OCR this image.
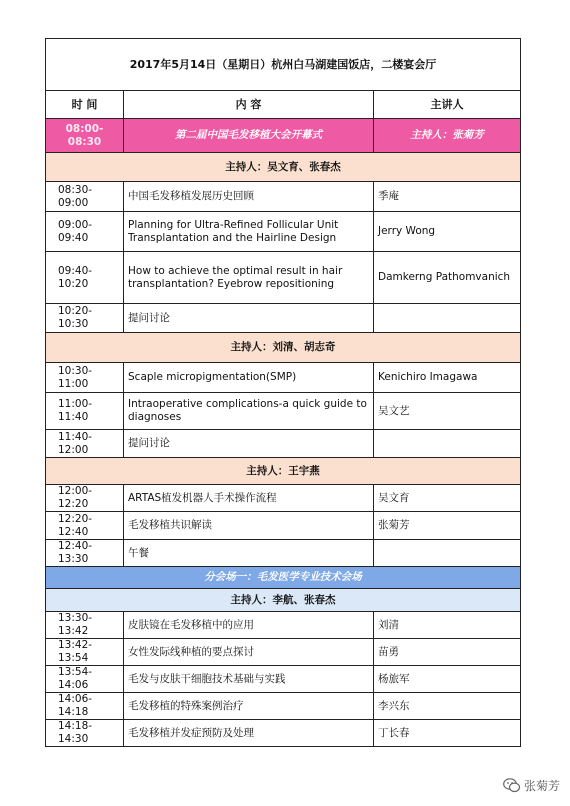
2017年5月14日（星期日）杭州白马湖建国饭店，二楼宴会厅		
时 间	内 容	主讲人
08:00-08:30	第二届中国毛发移植大会开幕式	主持人：张菊芳
主持人：吴文育、张春杰		
08:30-09:00	中国毛发移植发展历史回顾	季庵
09:00-09:40	Planning for Ultra-Refined Follicular Unit Transplantation and the Hairline Design	Jerry Wong
09:40-10:20	How to achieve the optimal result in hair transplantation? Eyebrow repositioning	Damkerng Pathomvanich
10:20-10:30	提问讨论	
主持人：刘清、胡志奇		
10:30-11:00	Scaple micropigmentation(SMP)	Kenichiro Imagawa
11:00-11:40	Intraoperative complications-a quick guide to diagnoses	吴文艺
11:40-12:00	提问讨论	
主持人：王宇燕		
12:00-12:20	ARTAS植发机器人手术操作流程	吴文育
12:20-12:40	毛发移植共识解读	张菊芳
12:40-13:30	午餐	
分会场一：毛发医学专业技术会场		
主持人：李航、张春杰		
13:30-13:42	皮肤镜在毛发移植中的应用	刘清
13:42-13:54	女性发际线种植的要点探讨	苗勇
13:54-14:06	毛发与皮肤干细胞技术基础与实践	杨旅军
14:06-14:18	毛发移植的特殊案例治疗	李兴东
14:18-14:30	毛发移植并发症预防及处理	丁长春
张菊芳
